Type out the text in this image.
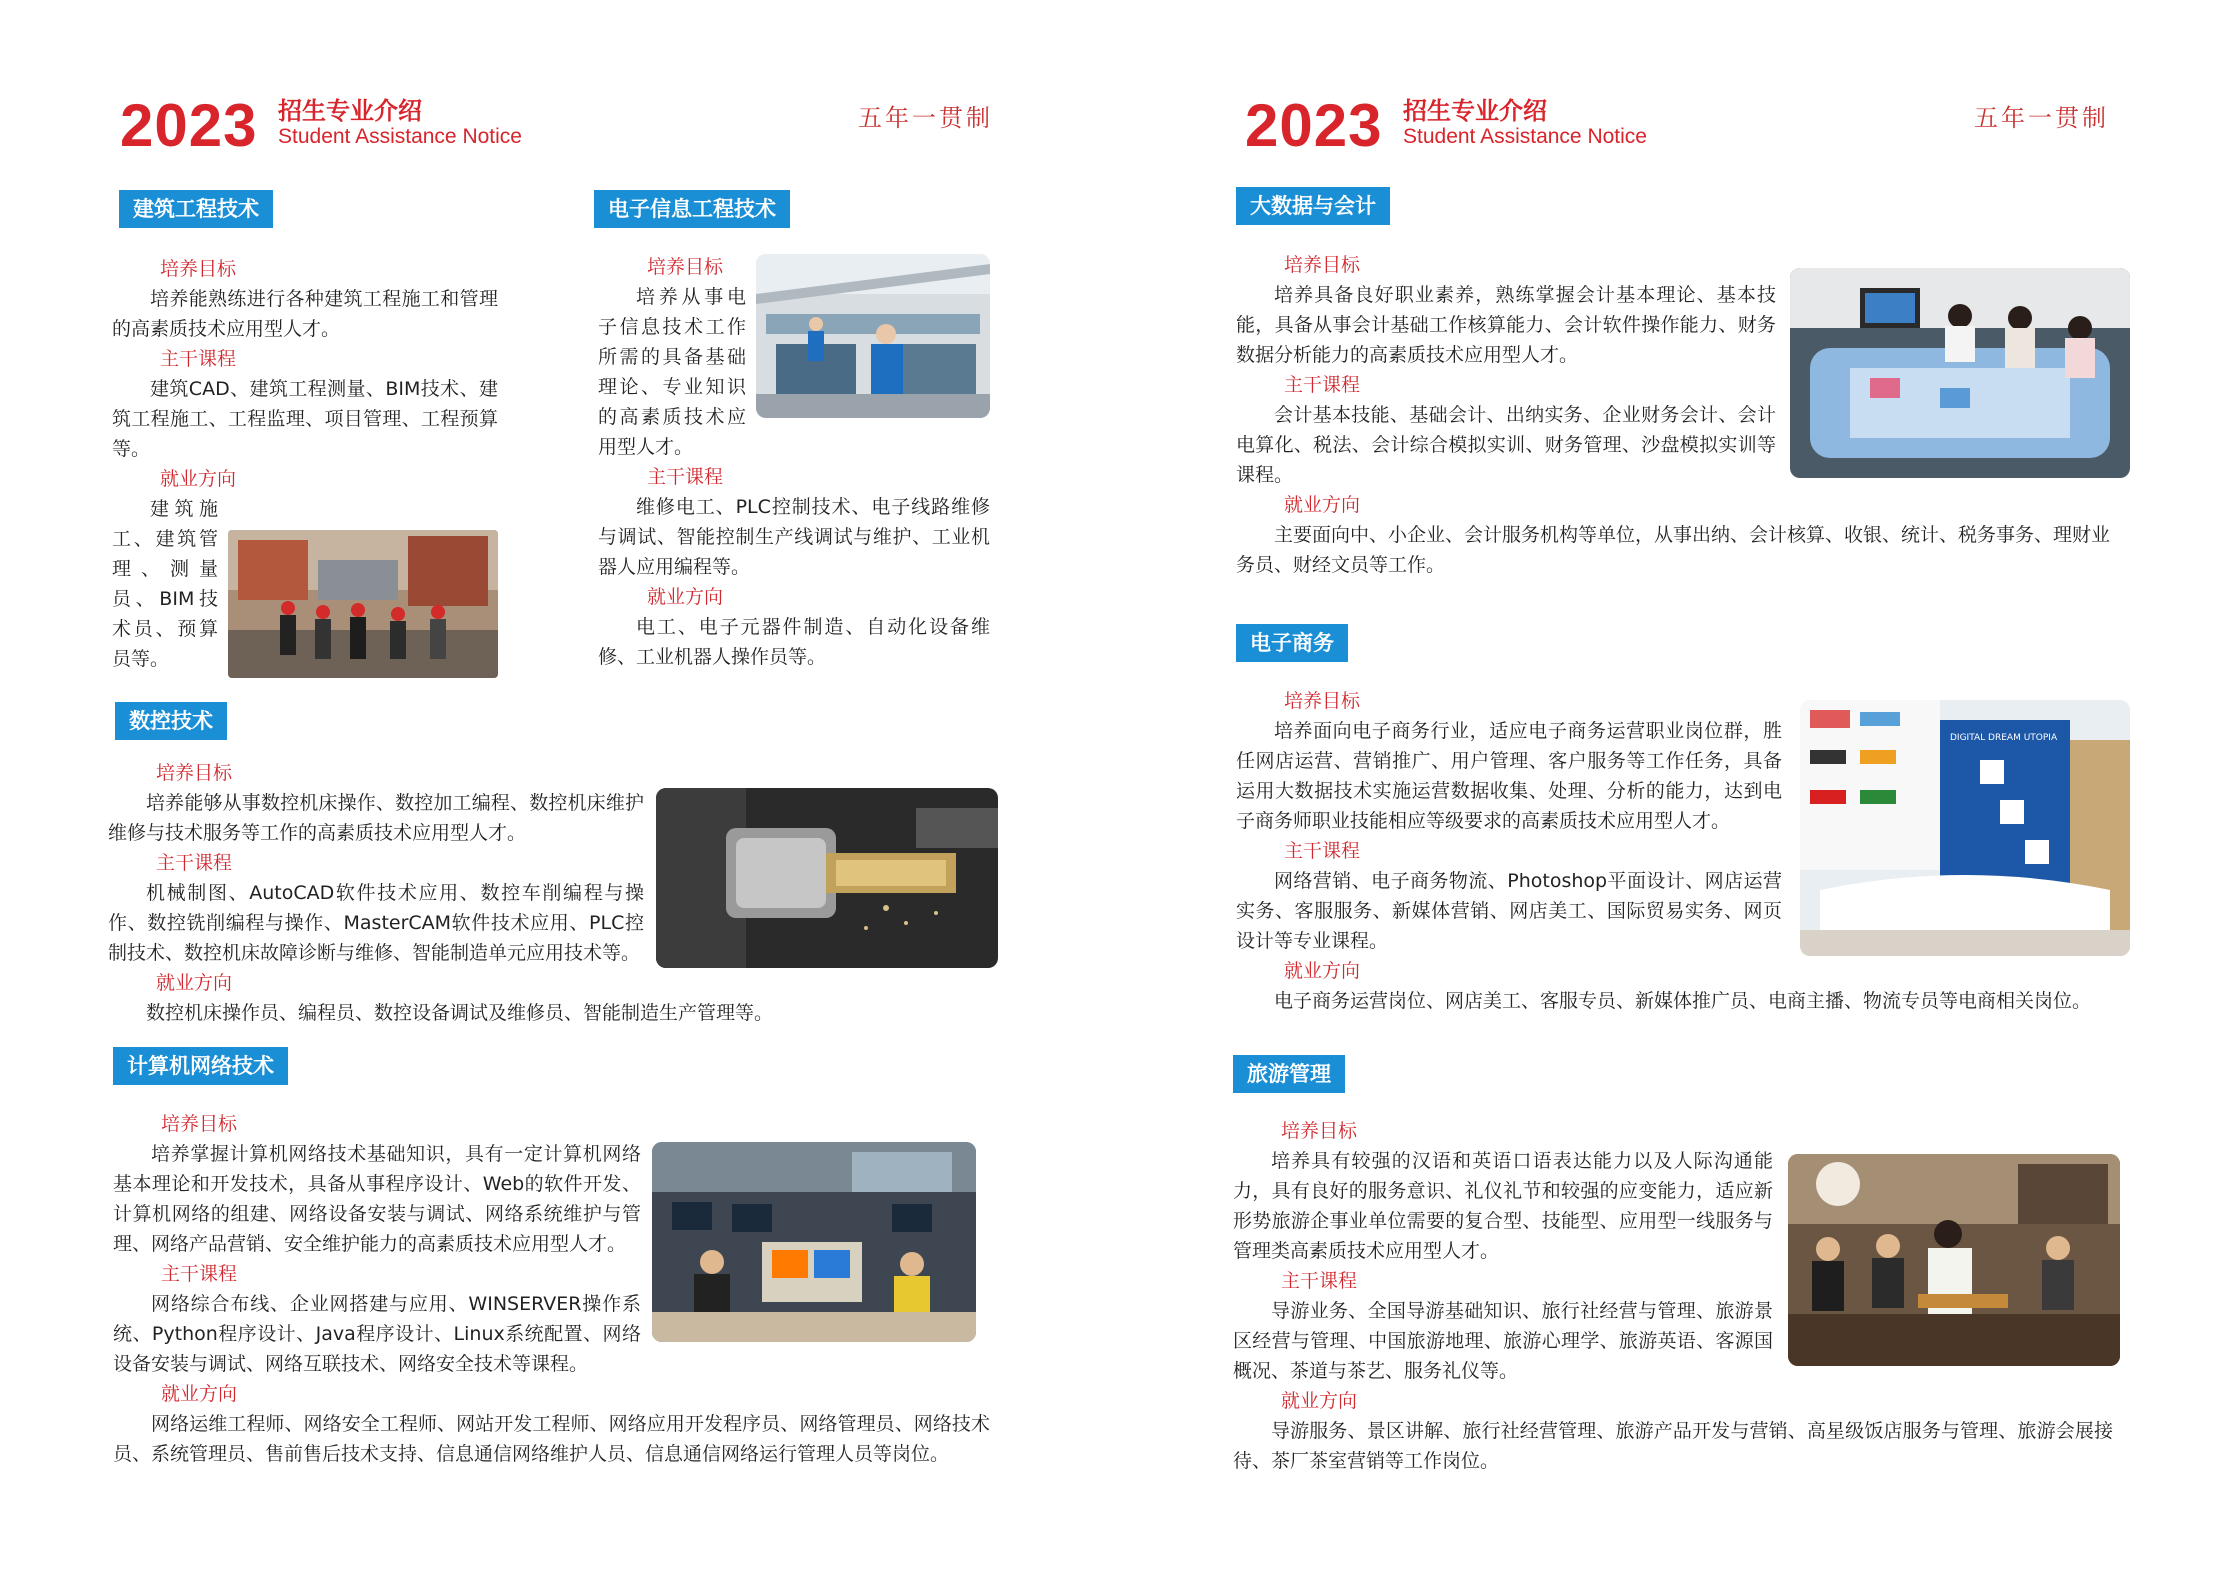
2023 招生专业介绍
Student Assistance Notice
五年一贯制
建筑工程技术
培养目标

培养能熟练进行各种建筑工程施工和管理的高素质技术应用型人才。

主干课程

建筑CAD、建筑工程测量、BIM技术、建筑工程施工、工程监理、项目管理、工程预算等。

就业方向

建筑施工、建筑管理、测量员、BIM技术员、预算员等。

电子信息工程技术
培养目标

培养从事电子信息技术工作所需的具备基础理论、专业知识的高素质技术应用型人才。

主干课程

维修电工、PLC控制技术、电子线路维修与调试、智能控制生产线调试与维护、工业机器人应用编程等。

就业方向

电工、电子元器件制造、自动化设备维修、工业机器人操作员等。

数控技术
培养目标

培养能够从事数控机床操作、数控加工编程、数控机床维护维修与技术服务等工作的高素质技术应用型人才。

主干课程

机械制图、AutoCAD软件技术应用、数控车削编程与操作、数控铣削编程与操作、MasterCAM软件技术应用、PLC控制技术、数控机床故障诊断与维修、智能制造单元应用技术等。

就业方向

数控机床操作员、编程员、数控设备调试及维修员、智能制造生产管理等。

计算机网络技术
培养目标

培养掌握计算机网络技术基础知识，具有一定计算机网络基本理论和开发技术，具备从事程序设计、Web的软件开发、计算机网络的组建、网络设备安装与调试、网络系统维护与管理、网络产品营销、安全维护能力的高素质技术应用型人才。

主干课程

网络综合布线、企业网搭建与应用、WINSERVER操作系统、Python程序设计、Java程序设计、Linux系统配置、网络设备安装与调试、网络互联技术、网络安全技术等课程。

就业方向

网络运维工程师、网络安全工程师、网站开发工程师、网络应用开发程序员、网络管理员、网络技术员、系统管理员、售前售后技术支持、信息通信网络维护人员、信息通信网络运行管理人员等岗位。

2023 招生专业介绍
Student Assistance Notice
五年一贯制
大数据与会计
培养目标

培养具备良好职业素养，熟练掌握会计基本理论、基本技能，具备从事会计基础工作核算能力、会计软件操作能力、财务数据分析能力的高素质技术应用型人才。

主干课程

会计基本技能、基础会计、出纳实务、企业财务会计、会计电算化、税法、会计综合模拟实训、财务管理、沙盘模拟实训等课程。

就业方向

主要面向中、小企业、会计服务机构等单位，从事出纳、会计核算、收银、统计、税务事务、理财业务员、财经文员等工作。

电子商务
培养目标

培养面向电子商务行业，适应电子商务运营职业岗位群，胜任网店运营、营销推广、用户管理、客户服务等工作任务，具备运用大数据技术实施运营数据收集、处理、分析的能力，达到电子商务师职业技能相应等级要求的高素质技术应用型人才。

主干课程

网络营销、电子商务物流、Photoshop平面设计、网店运营实务、客服服务、新媒体营销、网店美工、国际贸易实务、网页设计等专业课程。

就业方向

电子商务运营岗位、网店美工、客服专员、新媒体推广员、电商主播、物流专员等电商相关岗位。

DIGITAL DREAM UTOPIA
旅游管理
培养目标

培养具有较强的汉语和英语口语表达能力以及人际沟通能力，具有良好的服务意识、礼仪礼节和较强的应变能力，适应新形势旅游企事业单位需要的复合型、技能型、应用型一线服务与管理类高素质技术应用型人才。

主干课程

导游业务、全国导游基础知识、旅行社经营与管理、旅游景区经营与管理、中国旅游地理、旅游心理学、旅游英语、客源国概况、茶道与茶艺、服务礼仪等。

就业方向

导游服务、景区讲解、旅行社经营管理、旅游产品开发与营销、高星级饭店服务与管理、旅游会展接待、茶厂茶室营销等工作岗位。
